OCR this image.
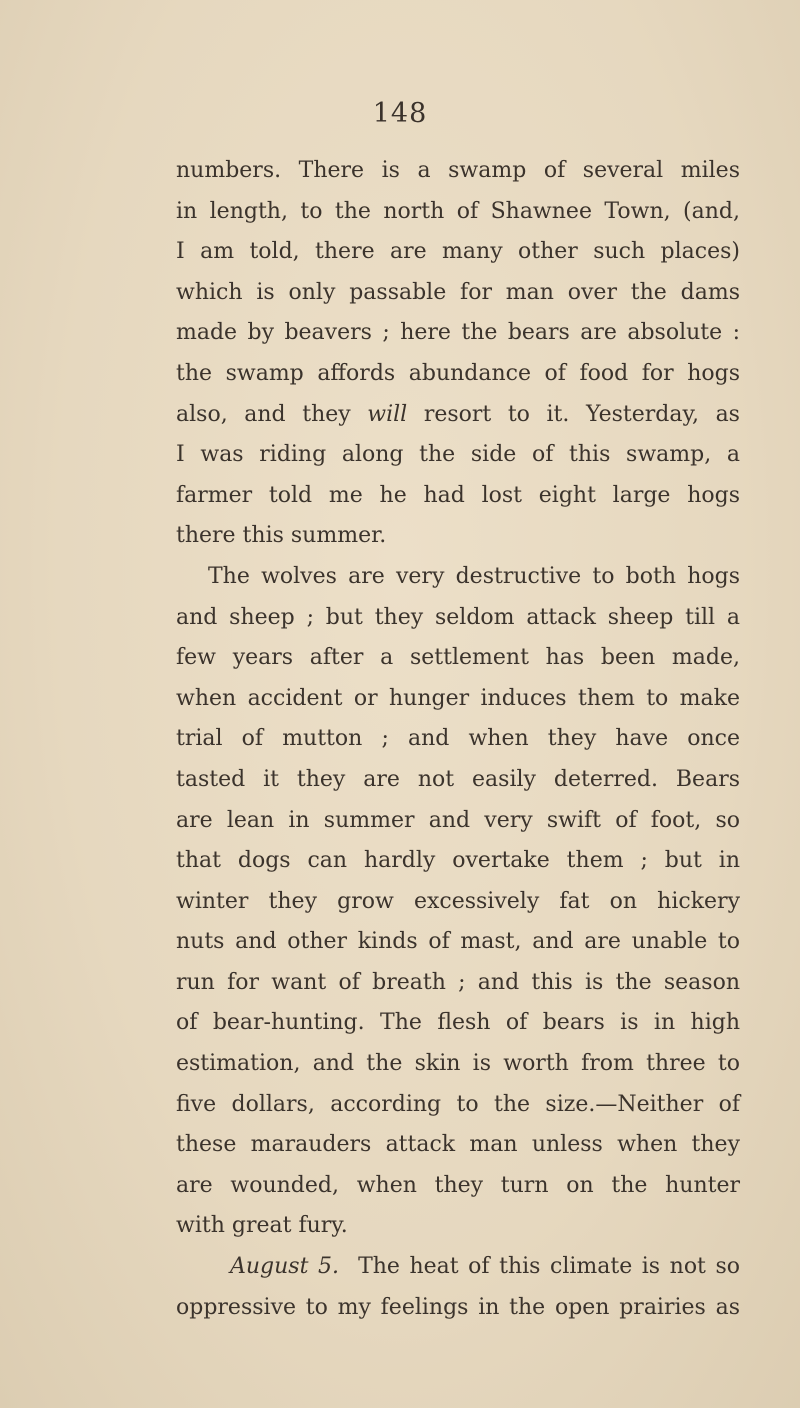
148
numbers. There is a swamp of several miles
in length, to the north of Shawnee Town, (and,
I am told, there are many other such places)
which is only passable for man over the dams
made by beavers ; here the bears are absolute :
the swamp affords abundance of food for hogs
also, and they will resort to it. Yesterday, as
I was riding along the side of this swamp, a
farmer told me he had lost eight large hogs
there this summer.
The wolves are very destructive to both hogs
and sheep ; but they seldom attack sheep till a
few years after a settlement has been made,
when accident or hunger induces them to make
trial of mutton ; and when they have once
tasted it they are not easily deterred. Bears
are lean in summer and very swift of foot, so
that dogs can hardly overtake them ; but in
winter they grow excessively fat on hickery
nuts and other kinds of mast, and are unable to
run for want of breath ; and this is the season
of bear-hunting. The flesh of bears is in high
estimation, and the skin is worth from three to
five dollars, according to the size.—Neither of
these marauders attack man unless when they
are wounded, when they turn on the hunter
with great fury.
August 5. The heat of this climate is not so
oppressive to my feelings in the open prairies as
